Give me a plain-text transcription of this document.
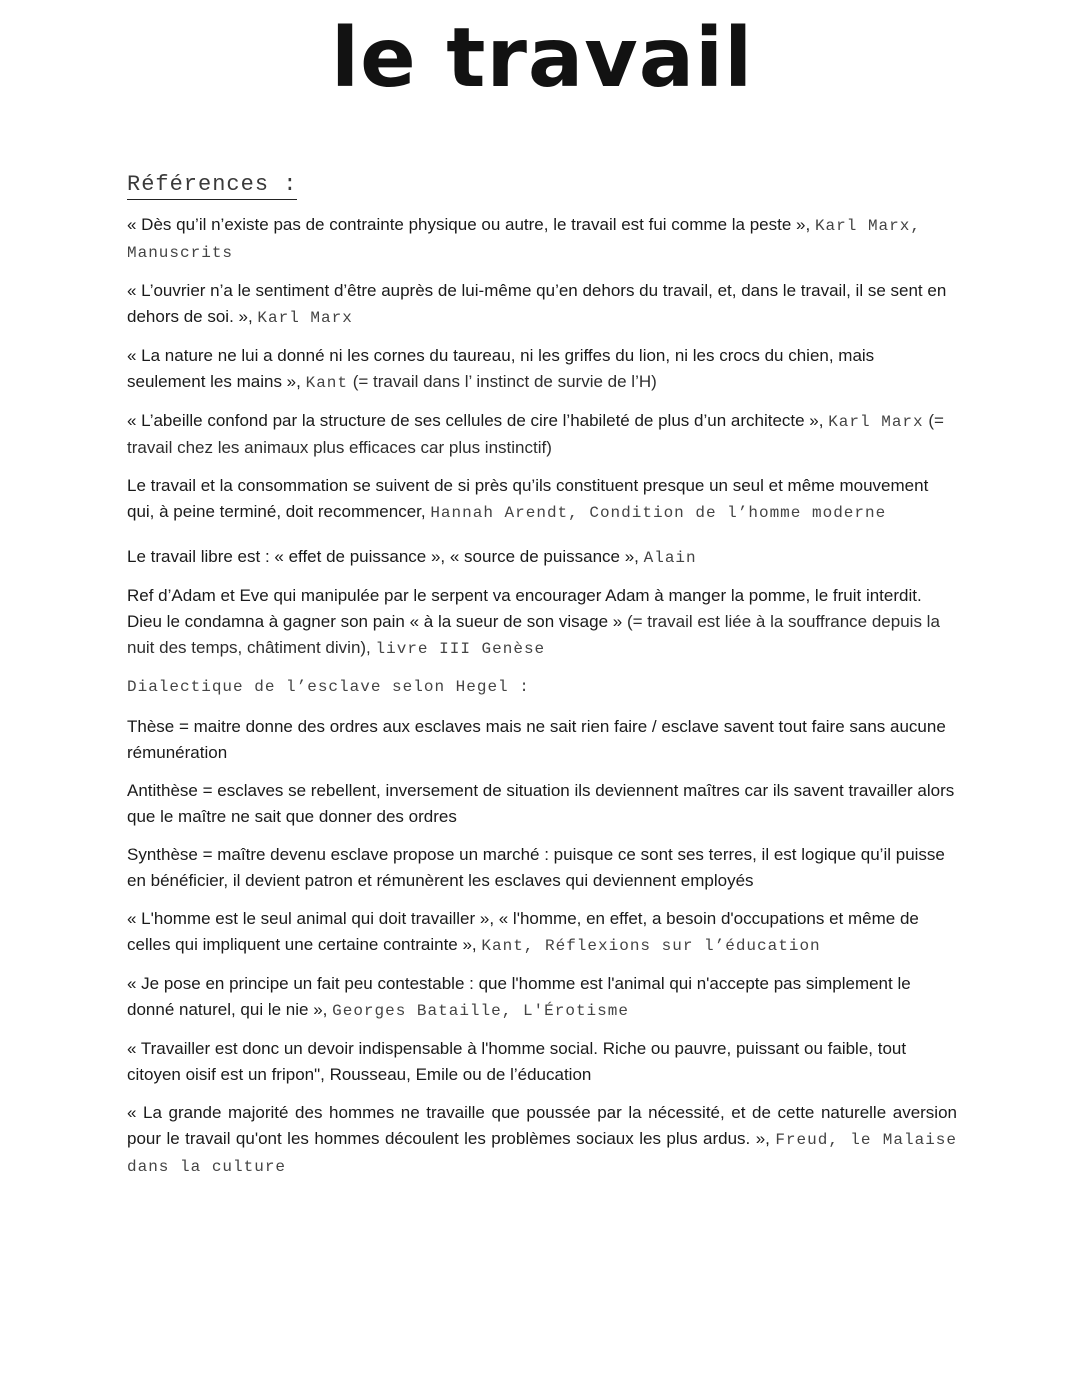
le travail
Références :

« Dès qu’il n’existe pas de contrainte physique ou autre, le travail est fui comme la peste », Karl Marx, Manuscrits

« L’ouvrier n’a le sentiment d’être auprès de lui-même qu’en dehors du travail, et, dans le travail, il se sent en dehors de soi. », Karl Marx

« La nature ne lui a donné ni les cornes du taureau, ni les griffes du lion, ni les crocs du chien, mais seulement les mains », Kant (= travail dans l’ instinct de survie de l’H)

« L’abeille confond par la structure de ses cellules de cire l’habileté de plus d’un architecte », Karl Marx (= travail chez les animaux plus efficaces car plus instinctif)

Le travail et la consommation se suivent de si près qu’ils constituent presque un seul et même mouvement qui, à peine terminé, doit recommencer, Hannah Arendt, Condition de l’homme moderne

Le travail libre est : « effet de puissance », « source de puissance », Alain

Ref d’Adam et Eve qui manipulée par le serpent va encourager Adam à manger la pomme, le fruit interdit. Dieu le condamna à gagner son pain « à la sueur de son visage » (= travail est liée à la souffrance depuis la nuit des temps, châtiment divin), livre III Genèse

Dialectique de l’esclave selon Hegel :

Thèse = maitre donne des ordres aux esclaves mais ne sait rien faire / esclave savent tout faire sans aucune rémunération

Antithèse = esclaves se rebellent, inversement de situation ils deviennent maîtres car ils savent travailler alors que le maître ne sait que donner des ordres

Synthèse = maître devenu esclave propose un marché : puisque ce sont ses terres, il est logique qu’il puisse en bénéficier, il devient patron et rémunèrent les esclaves qui deviennent employés

« L'homme est le seul animal qui doit travailler », « l'homme, en effet, a besoin d'occupations et même de celles qui impliquent une certaine contrainte », Kant, Réflexions sur l’éducation

« Je pose en principe un fait peu contestable : que l'homme est l'animal qui n'accepte pas simplement le donné naturel, qui le nie », Georges Bataille, L'Érotisme

« Travailler est donc un devoir indispensable à l'homme social. Riche ou pauvre, puissant ou faible, tout citoyen oisif est un fripon", Rousseau, Emile ou de l’éducation

« La grande majorité des hommes ne travaille que poussée par la nécessité, et de cette naturelle aversion pour le travail qu'ont les hommes découlent les problèmes sociaux les plus ardus. », Freud, le Malaise dans la culture
